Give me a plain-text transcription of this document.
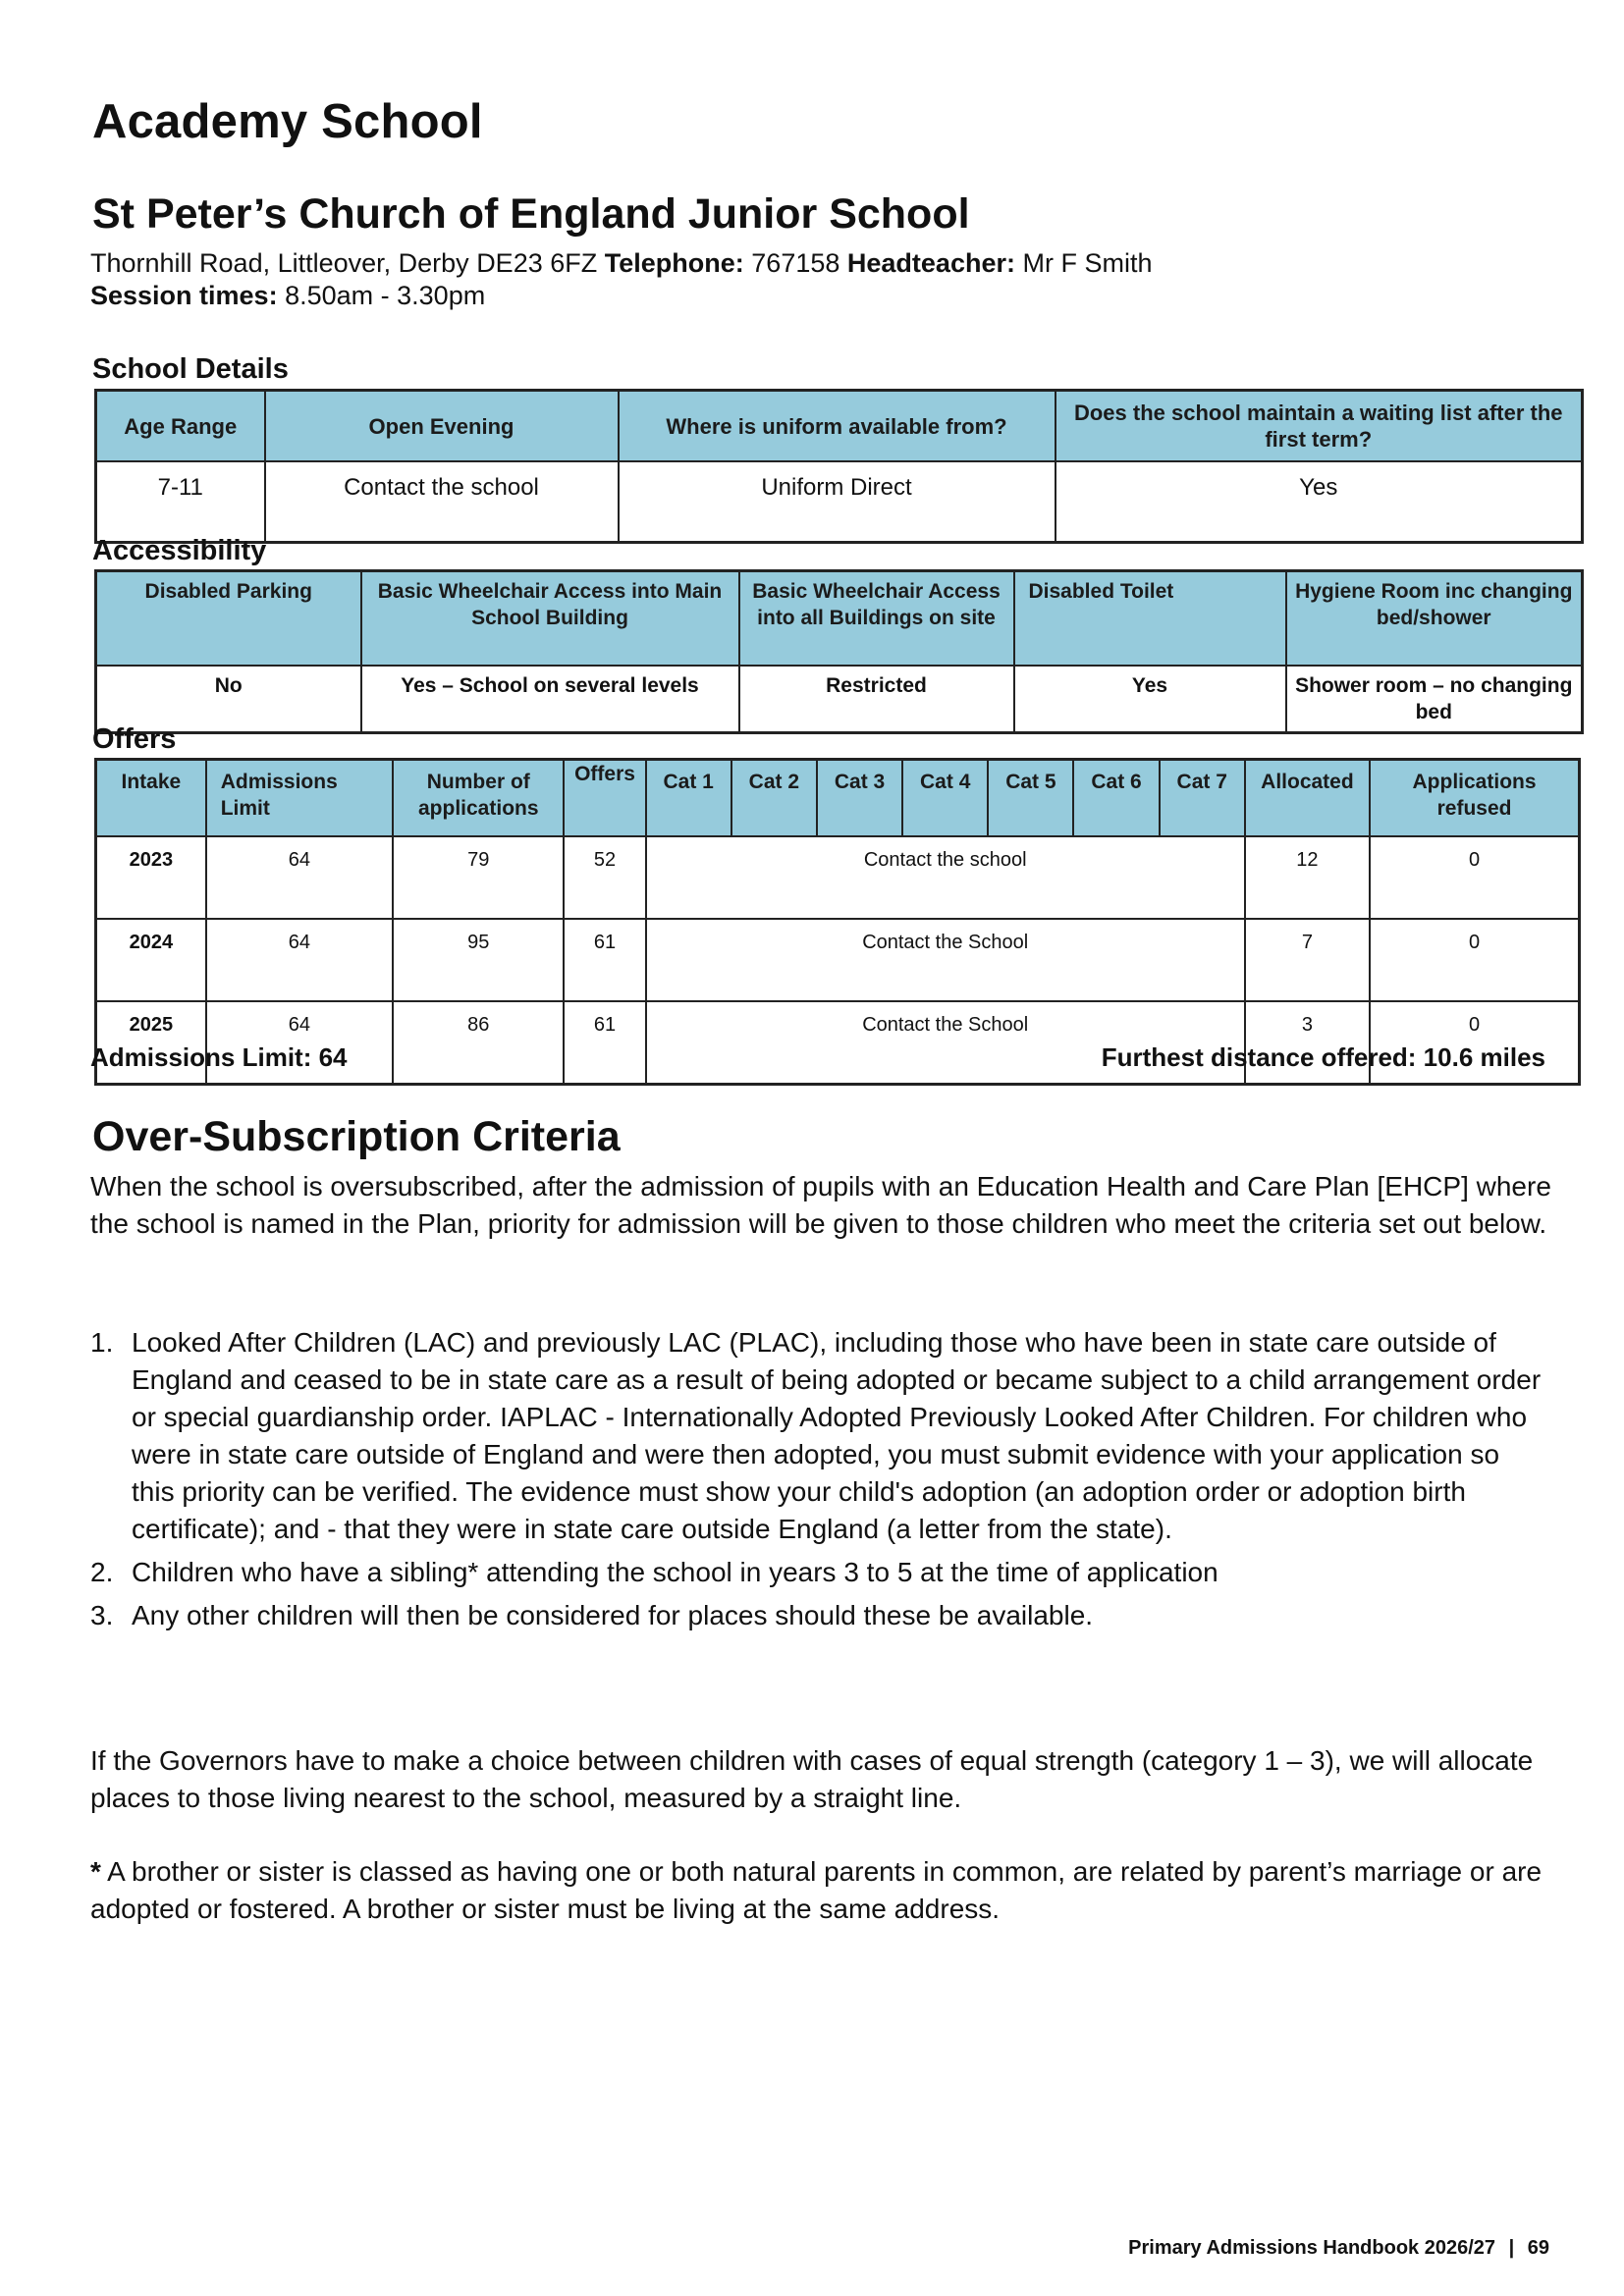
Academy School
St Peter’s Church of England Junior School
Thornhill Road, Littleover, Derby DE23 6FZ Telephone: 767158 Headteacher: Mr F Smith
Session times: 8.50am - 3.30pm
School Details
Age Range	Open Evening	Where is uniform available from?	Does the school maintain a waiting list after the first term?
7-11	Contact the school	Uniform Direct	Yes
Accessibility
Disabled Parking	Basic Wheelchair Access into Main School Building	Basic Wheelchair Access into all Buildings on site	Disabled Toilet	Hygiene Room inc changing bed/shower
No	Yes – School on several levels	Restricted	Yes	Shower room – no changing bed
Offers
Intake	Admissions Limit	Number of applications	Offers	Cat 1	Cat 2	Cat 3	Cat 4	Cat 5	Cat 6	Cat 7	Allocated	Applications refused
2023	64	79	52	Contact the school							12	0
2024	64	95	61	Contact the School							7	0
2025	64	86	61	Contact the School							3	0
Admissions Limit: 64	Furthest distance offered: 10.6 miles
Over-Subscription Criteria

When the school is oversubscribed, after the admission of pupils with an Education Health and Care Plan [EHCP] where the school is named in the Plan, priority for admission will be given to those children who meet the criteria set out below.

1. Looked After Children (LAC) and previously LAC (PLAC), including those who have been in state care outside of England and ceased to be in state care as a result of being adopted or became subject to a child arrangement order or special guardianship order. IAPLAC - Internationally Adopted Previously Looked After Children. For children who were in state care outside of England and were then adopted, you must submit evidence with your application so this priority can be verified. The evidence must show your child's adoption (an adoption order or adoption birth certificate); and - that they were in state care outside England (a letter from the state).
2. Children who have a sibling* attending the school in years 3 to 5 at the time of application
3. Any other children will then be considered for places should these be available.

If the Governors have to make a choice between children with cases of equal strength (category 1 – 3), we will allocate places to those living nearest to the school, measured by a straight line.

* A brother or sister is classed as having one or both natural parents in common, are related by parent’s marriage or are adopted or fostered. A brother or sister must be living at the same address.

Primary Admissions Handbook 2026/27 | 69
